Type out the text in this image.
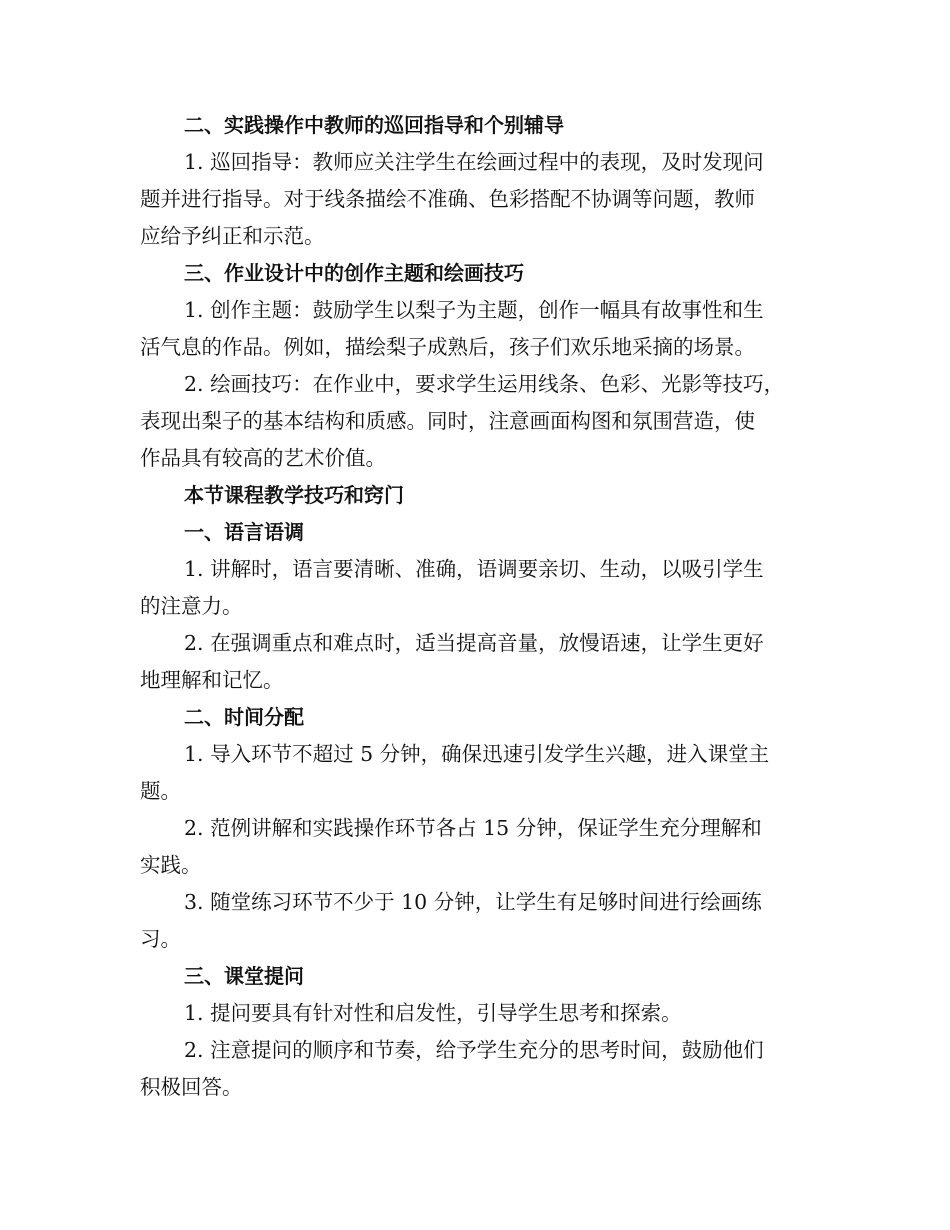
二、实践操作中教师的巡回指导和个别辅导
1. 巡回指导：教师应关注学生在绘画过程中的表现，及时发现问
题并进行指导。对于线条描绘不准确、色彩搭配不协调等问题，教师
应给予纠正和示范。
三、作业设计中的创作主题和绘画技巧
1. 创作主题：鼓励学生以梨子为主题，创作一幅具有故事性和生
活气息的作品。例如，描绘梨子成熟后，孩子们欢乐地采摘的场景。
2. 绘画技巧：在作业中，要求学生运用线条、色彩、光影等技巧，
表现出梨子的基本结构和质感。同时，注意画面构图和氛围营造，使
作品具有较高的艺术价值。
本节课程教学技巧和窍门
一、语言语调
1. 讲解时，语言要清晰、准确，语调要亲切、生动，以吸引学生
的注意力。
2. 在强调重点和难点时，适当提高音量，放慢语速，让学生更好
地理解和记忆。
二、时间分配
1. 导入环节不超过 5 分钟，确保迅速引发学生兴趣，进入课堂主
题。
2. 范例讲解和实践操作环节各占 15 分钟，保证学生充分理解和
实践。
3. 随堂练习环节不少于 10 分钟，让学生有足够时间进行绘画练
习。
三、课堂提问
1. 提问要具有针对性和启发性，引导学生思考和探索。
2. 注意提问的顺序和节奏，给予学生充分的思考时间，鼓励他们
积极回答。
